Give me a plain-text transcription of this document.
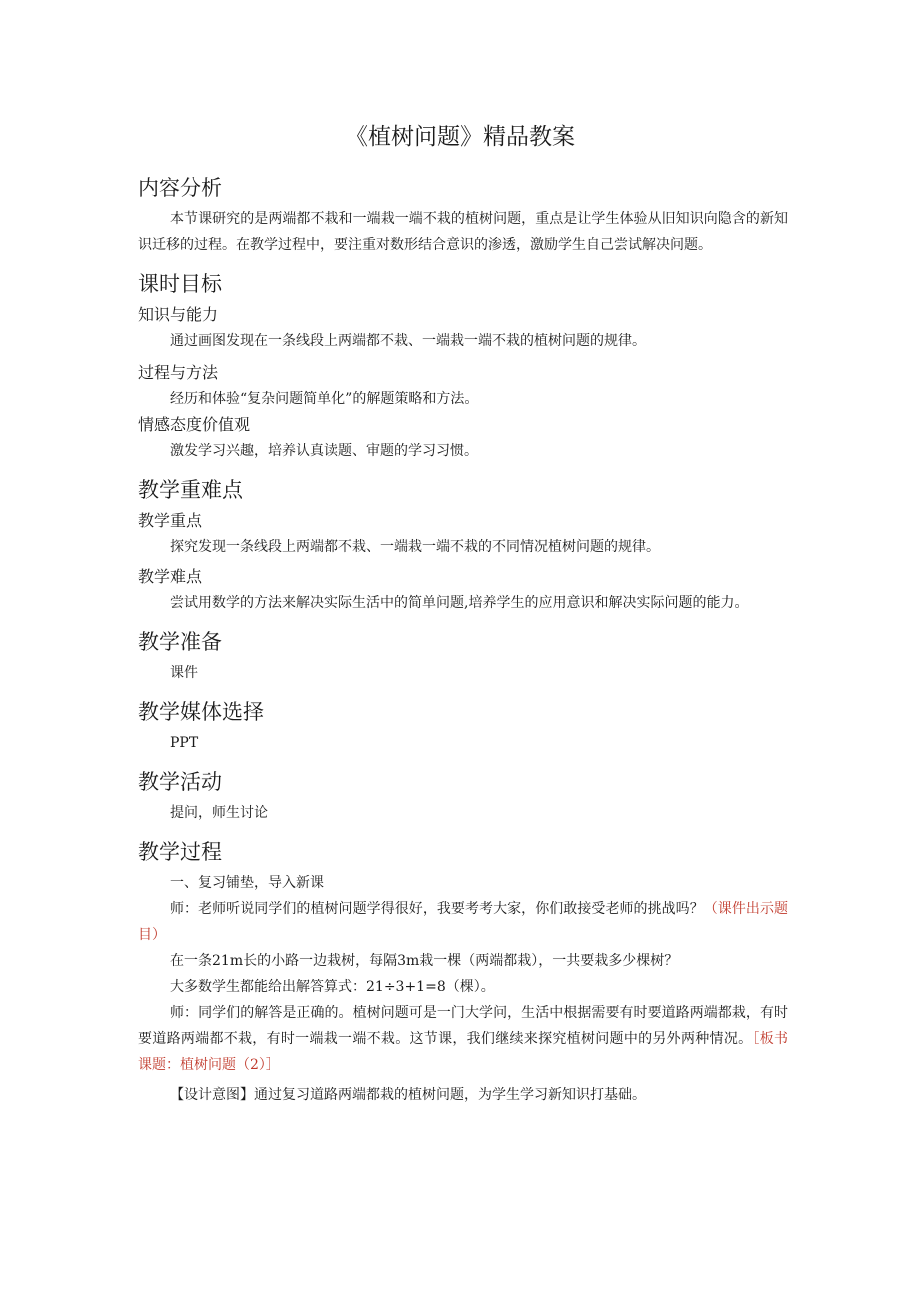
《植树问题》精品教案
内容分析

本节课研究的是两端都不栽和一端栽一端不栽的植树问题，重点是让学生体验从旧知识向隐含的新知识迁移的过程。在教学过程中，要注重对数形结合意识的渗透，激励学生自己尝试解决问题。

课时目标
知识与能力

通过画图发现在一条线段上两端都不栽、一端栽一端不栽的植树问题的规律。

过程与方法

经历和体验“复杂问题简单化”的解题策略和方法。

情感态度价值观

激发学习兴趣，培养认真读题、审题的学习习惯。

教学重难点
教学重点

探究发现一条线段上两端都不栽、一端栽一端不栽的不同情况植树问题的规律。

教学难点

尝试用数学的方法来解决实际生活中的简单问题,培养学生的应用意识和解决实际问题的能力。

教学准备

课件

教学媒体选择

PPT

教学活动

提问，师生讨论

教学过程

一、复习铺垫，导入新课

师：老师听说同学们的植树问题学得很好，我要考考大家，你们敢接受老师的挑战吗？（课件出示题目）

在一条21m长的小路一边栽树，每隔3m栽一棵（两端都栽），一共要栽多少棵树？

大多数学生都能给出解答算式：21÷3+1=8（棵）。

师：同学们的解答是正确的。植树问题可是一门大学问，生活中根据需要有时要道路两端都栽，有时要道路两端都不栽，有时一端栽一端不栽。这节课，我们继续来探究植树问题中的另外两种情况。［板书课题：植树问题（2）］

【设计意图】通过复习道路两端都栽的植树问题，为学生学习新知识打基础。
